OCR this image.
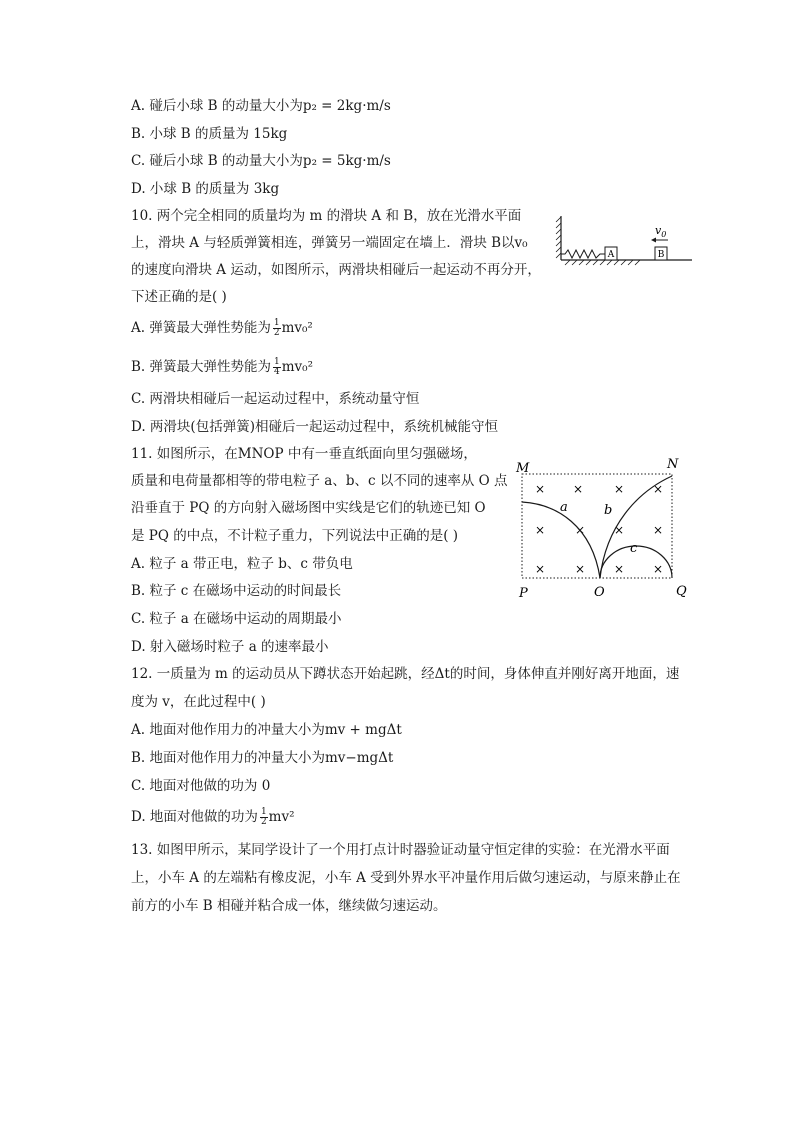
A. 碰后小球 B 的动量大小为p₂ = 2kg·m/s
B. 小球 B 的质量为 15kg
C. 碰后小球 B 的动量大小为p₂ = 5kg·m/s
D. 小球 B 的质量为 3kg
10. 两个完全相同的质量均为 m 的滑块 A 和 B，放在光滑水平面
上，滑块 A 与轻质弹簧相连，弹簧另一端固定在墙上．滑块 B以v₀
的速度向滑块 A 运动，如图所示，两滑块相碰后一起运动不再分开，
下述正确的是( )
A. 弹簧最大弹性势能为 $\frac{1}{2} mv_0^2$
B. 弹簧最大弹性势能为 $\frac{1}{4} mv_0^2$
C. 两滑块相碰后一起运动过程中，系统动量守恒
D. 两滑块(包括弹簧)相碰后一起运动过程中，系统机械能守恒
A	B
$v_0$
11. 如图所示，在MNOP 中有一垂直纸面向里匀强磁场，
质量和电荷量都相等的带电粒子 a、b、c 以不同的速率从 O 点
沿垂直于 PQ 的方向射入磁场图中实线是它们的轨迹已知 O
是 PQ 的中点，不计粒子重力，下列说法中正确的是( )
A. 粒子 a 带正电，粒子 b、c 带负电
B. 粒子 c 在磁场中运动的时间最长
C. 粒子 a 在磁场中运动的周期最小
D. 射入磁场时粒子 a 的速率最小
M	N
P	O	Q
× ×	× ×
× × × ×
× × × ×
a	b
c
12. 一质量为 m 的运动员从下蹲状态开始起跳，经Δt的时间，身体伸直并刚好离开地面，速
度为 v，在此过程中( )
A. 地面对他作用力的冲量大小为mv + mgΔt
B. 地面对他作用力的冲量大小为mv−mgΔt
C. 地面对他做的功为 0
D. 地面对他做的功为 $\frac{1}{2} mv^2$
13. 如图甲所示，某同学设计了一个用打点计时器验证动量守恒定律的实验：在光滑水平面
上，小车 A 的左端粘有橡皮泥，小车 A 受到外界水平冲量作用后做匀速运动，与原来静止在
前方的小车 B 相碰并粘合成一体，继续做匀速运动。
